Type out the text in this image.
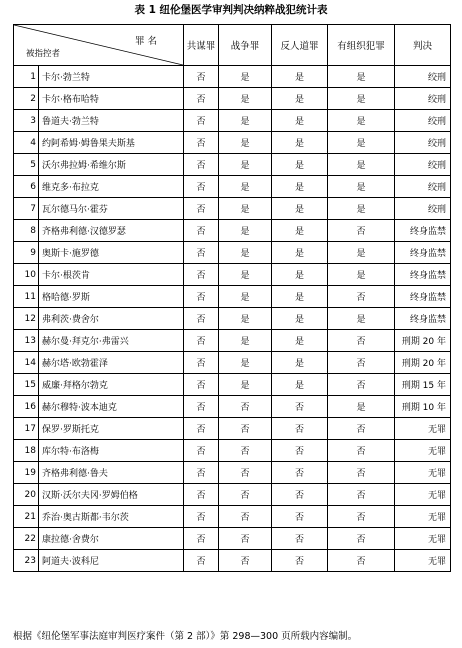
表 1 纽伦堡医学审判判决纳粹战犯统计表
罪 名
被指控者		共谋罪	战争罪	反人道罪	有组织犯罪	判决
1	卡尔·勃兰特	否	是	是	是	绞刑
2	卡尔·格布哈特	否	是	是	是	绞刑
3	鲁道夫·勃兰特	否	是	是	是	绞刑
4	约阿希姆·姆鲁果夫斯基	否	是	是	是	绞刑
5	沃尔弗拉姆·希维尔斯	否	是	是	是	绞刑
6	维克多·布拉克	否	是	是	是	绞刑
7	瓦尔德马尔·霍芬	否	是	是	是	绞刑
8	齐格弗利德·汉德罗瑟	否	是	是	否	终身监禁
9	奥斯卡·施罗德	否	是	是	是	终身监禁
10	卡尔·根茨肯	否	是	是	是	终身监禁
11	格哈德·罗斯	否	是	是	否	终身监禁
12	弗利茨·费舍尔	否	是	是	是	终身监禁
13	赫尔曼·拜克尔·弗雷兴	否	是	是	否	刑期 20 年
14	赫尔塔·欧勃霍泽	否	是	是	否	刑期 20 年
15	威廉·拜格尔勃克	否	是	是	否	刑期 15 年
16	赫尔穆特·波本迪克	否	否	否	是	刑期 10 年
17	保罗·罗斯托克	否	否	否	否	无罪
18	库尔特·布洛梅	否	否	否	否	无罪
19	齐格弗利德·鲁夫	否	否	否	否	无罪
20	汉斯·沃尔夫冈·罗姆伯格	否	否	否	否	无罪
21	乔治·奥古斯都·韦尔茨	否	否	否	否	无罪
22	康拉德·舍费尔	否	否	否	否	无罪
23	阿道夫·波科尼	否	否	否	否	无罪
根据《纽伦堡军事法庭审判医疗案件（第 2 部）》第 298—300 页所载内容编制。
